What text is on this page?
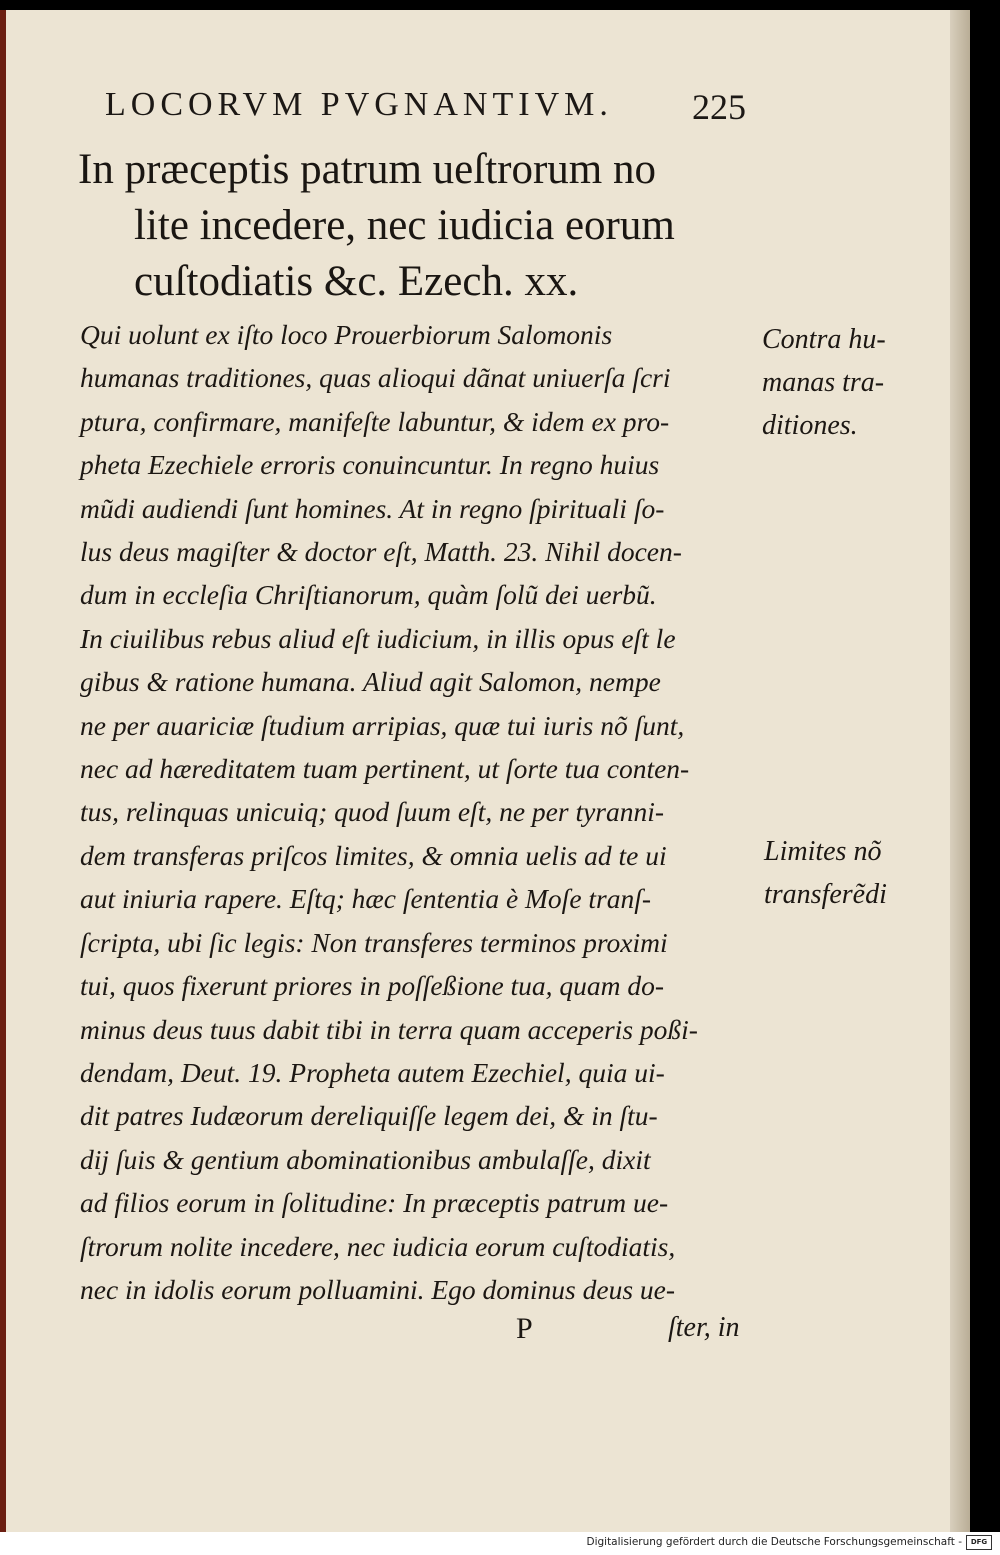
LOCORVM PVGNANTIVM.	225
In præceptis patrum ueſtrorum no
lite incedere, nec iudicia eorum
cuſtodiatis &c. Ezech. xx.
Qui uolunt ex iſto loco Prouerbiorum Salomonis
humanas traditiones, quas alioqui dãnat uniuerſa ſcri
ptura, confirmare, manifeſte labuntur, & idem ex pro-
pheta Ezechiele erroris conuincuntur. In regno huius
mũdi audiendi ſunt homines. At in regno ſpirituali ſo-
lus deus magiſter & doctor eſt, Matth. 23. Nihil docen-
dum in eccleſia Chriſtianorum, quàm ſolũ dei uerbũ.
In ciuilibus rebus aliud eſt iudicium, in illis opus eſt le
gibus & ratione humana. Aliud agit Salomon, nempe
ne per auariciæ ſtudium arripias, quæ tui iuris nõ ſunt,
nec ad hæreditatem tuam pertinent, ut ſorte tua conten-
tus, relinquas unicuiq; quod ſuum eſt, ne per tyranni-
dem transferas priſcos limites, & omnia uelis ad te ui
aut iniuria rapere. Eſtq; hæc ſententia è Moſe tranſ-
ſcripta, ubi ſic legis: Non transferes terminos proximi
tui, quos fixerunt priores in poſſeßione tua, quam do-
minus deus tuus dabit tibi in terra quam acceperis poßi-
dendam, Deut. 19. Propheta autem Ezechiel, quia ui-
dit patres Iudæorum dereliquiſſe legem dei, & in ſtu-
dij ſuis & gentium abominationibus ambulaſſe, dixit
ad filios eorum in ſolitudine: In præceptis patrum ue-
ſtrorum nolite incedere, nec iudicia eorum cuſtodiatis,
nec in idolis eorum polluamini. Ego dominus deus ue-
Contra hu-
manas tra-
ditiones.
Limites nõ
transferẽdi
P	ſter, in
Digitalisierung gefördert durch die Deutsche Forschungsgemeinschaft -	DFG
